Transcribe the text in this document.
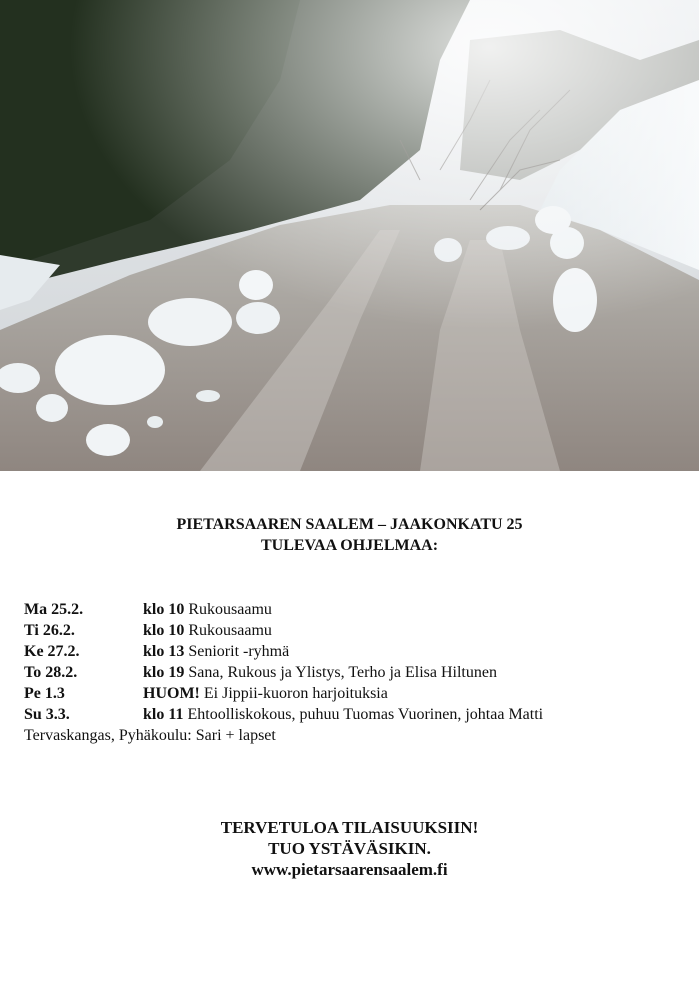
PIETARSAAREN SAALEM – JAAKONKATU 25
TULEVAA OHJELMAA:
Ma 25.2.	klo 10 Rukousaamu
Ti 26.2.	klo 10 Rukousaamu
Ke 27.2.	klo 13 Seniorit -ryhmä
To 28.2.	klo 19 Sana, Rukous ja Ylistys, Terho ja Elisa Hiltunen
Pe 1.3	HUOM! Ei Jippii-kuoron harjoituksia
Su 3.3.	klo 11 Ehtoolliskokous, puhuu Tuomas Vuorinen, johtaa Matti
Tervaskangas, Pyhäkoulu: Sari + lapset
TERVETULOA TILAISUUKSIIN!
TUO YSTÄVÄSIKIN.
www.pietarsaarensaalem.fi
